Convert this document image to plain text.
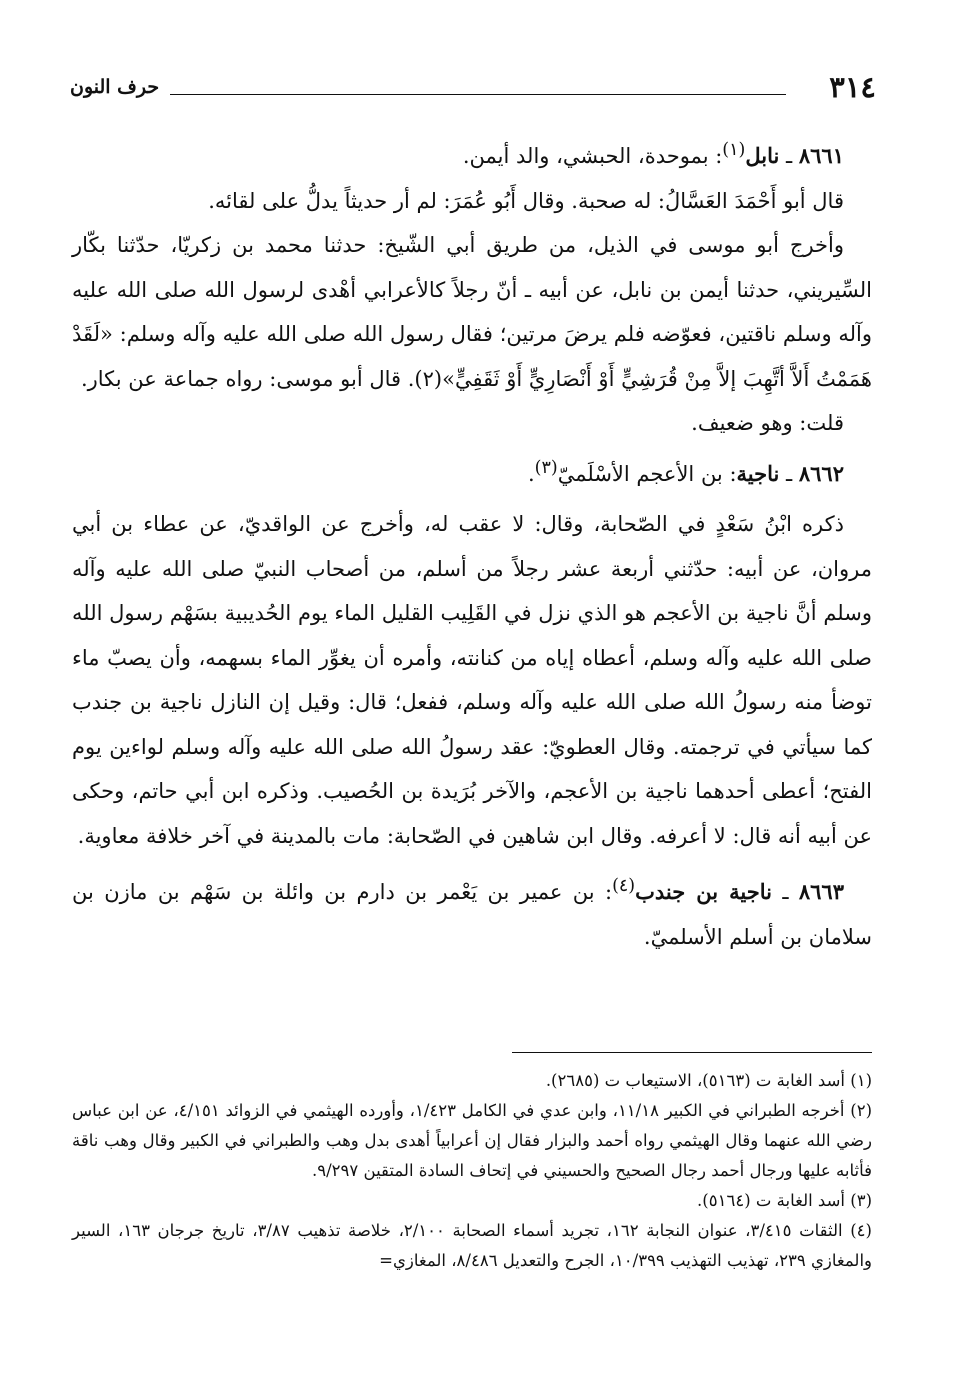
٣١٤
حرف النون

٨٦٦١ ـ نابل$^{(١)}$: بموحدة، الحبشي، والد أيمن.

قال أبو أَحْمَدَ العَسَّالُ: له صحبة. وقال أَبُو عُمَرَ: لم أر حديثاً يدلُّ على لقائه.

وأخرج أبو موسى في الذيل، من طريق أبي الشّيخ: حدثنا محمد بن زكريّا، حدّثنا بكّار السِّيريني، حدثنا أيمن بن نابل، عن أبيه ـ أنّ رجلاً كالأعرابي أهْدى لرسول الله صلى الله عليه وآله وسلم ناقتين، فعوّضه فلم يرضَ مرتين؛ فقال رسول الله صلى الله عليه وآله وسلم: «لَقَدْ هَمَمْتُ أَلاَّ أتَّهِبَ إلاَّ مِنْ قُرَشِيٍّ أَوْ أَنْصَارِيٍّ أَوْ ثَقَفِيٍّ»(٢). قال أبو موسى: رواه جماعة عن بكار.

قلت: وهو ضعيف.

٨٦٦٢ ـ ناجية: بن الأعجم الأسْلَميّ$^{(٣)}$.

ذكره ابْنُ سَعْدٍ في الصّحابة، وقال: لا عقب له، وأخرج عن الواقديّ، عن عطاء بن أبي مروان، عن أبيه: حدّثني أربعة عشر رجلاً من أسلم، من أصحاب النبيّ صلى الله عليه وآله وسلم أنَّ ناجية بن الأعجم هو الذي نزل في القَلِيب القليل الماء يوم الحُديبية بسَهْم رسول الله صلى الله عليه وآله وسلم، أعطاه إياه من كنانته، وأمره أن يغوِّر الماء بسهمه، وأن يصبّ ماء توضأ منه رسولُ الله صلى الله عليه وآله وسلم، ففعل؛ قال: وقيل إن النازل ناجية بن جندب كما سيأتي في ترجمته. وقال العطويّ: عقد رسولُ الله صلى الله عليه وآله وسلم لواءين يوم الفتح؛ أعطى أحدهما ناجية بن الأعجم، والآخر بُرَيدة بن الحُصيب. وذكره ابن أبي حاتم، وحكى عن أبيه أنه قال: لا أعرفه. وقال ابن شاهين في الصّحابة: مات بالمدينة في آخر خلافة معاوية.

٨٦٦٣ ـ ناجية بن جندب$^{(٤)}$: بن عمير بن يَعْمر بن دارم بن وائلة بن سَهْم بن مازن بن سلامان بن أسلم الأسلميّ.

(١) أسد الغابة ت (٥١٦٣)، الاستيعاب ت (٢٦٨٥).

(٢) أخرجه الطبراني في الكبير ١١/١٨، وابن عدي في الكامل ١/٤٢٣، وأورده الهيثمي في الزوائد ٤/١٥١، عن ابن عباس رضي الله عنهما وقال الهيثمي رواه أحمد والبزار فقال إن أعرابياً أهدى بدل وهب والطبراني في الكبير وقال وهب ناقة فأثابه عليها ورجال أحمد رجال الصحيح والحسيني في إتحاف السادة المتقين ٩/٢٩٧.

(٣) أسد الغابة ت (٥١٦٤).

(٤) الثقات ٣/٤١٥، عنوان النجابة ١٦٢، تجريد أسماء الصحابة ٢/١٠٠، خلاصة تذهيب ٣/٨٧، تاريخ جرجان ١٦٣، السير والمغازي ٢٣٩، تهذيب التهذيب ١٠/٣٩٩، الجرح والتعديل ٨/٤٨٦، المغازي=
